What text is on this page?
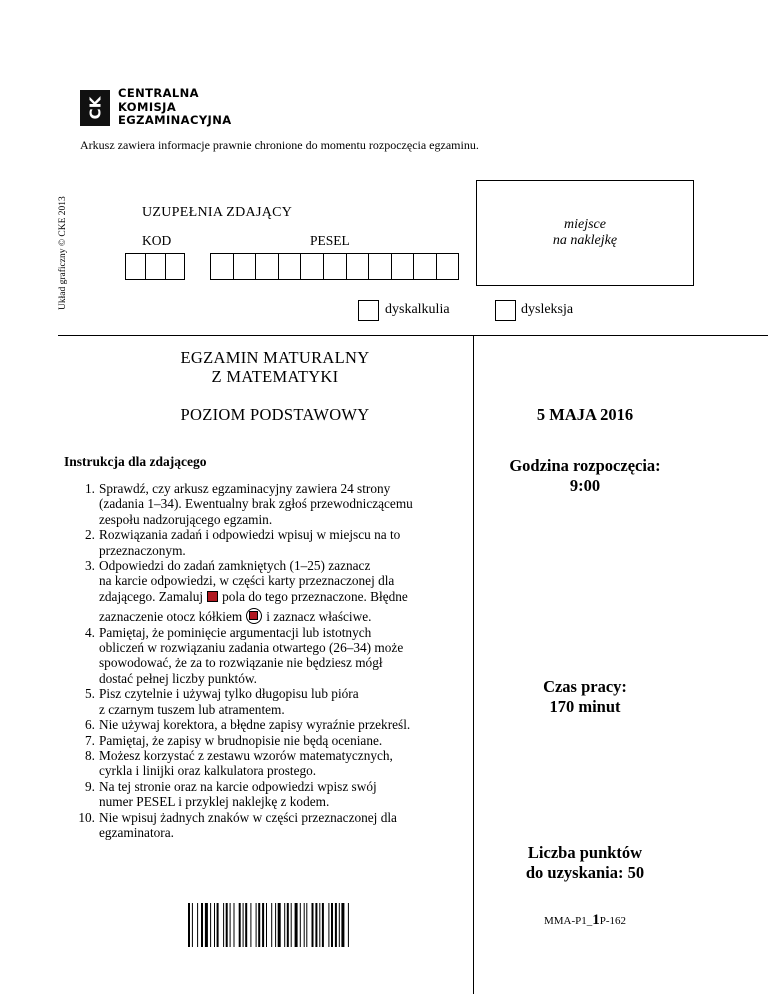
CK
CENTRALNA
KOMISJA
EGZAMINACYJNA
Arkusz zawiera informacje prawnie chronione do momentu rozpoczęcia egzaminu.
Układ graficzny © CKE 2013	UZUPEŁNIA ZDAJĄCY
KOD	PESEL
miejsce
na naklejkę
dyskalkulia	dysleksja
EGZAMIN MATURALNY
Z MATEMATYKI
POZIOM PODSTAWOWY	5 MAJA 2016
Godzina rozpoczęcia:
9:00
Czas pracy:
170 minut
Liczba punktów
do uzyskania: 50
MMA-P1_1P-162
Instrukcja dla zdającego
1. Sprawdź, czy arkusz egzaminacyjny zawiera 24 strony
(zadania 1–34). Ewentualny brak zgłoś przewodniczącemu
zespołu nadzorującego egzamin.
2. Rozwiązania zadań i odpowiedzi wpisuj w miejscu na to
przeznaczonym.
3. Odpowiedzi do zadań zamkniętych (1–25) zaznacz
na karcie odpowiedzi, w części karty przeznaczonej dla
zdającego. Zamaluj pola do tego przeznaczone. Błędne
zaznaczenie otocz kółkiem i zaznacz właściwe.
4. Pamiętaj, że pominięcie argumentacji lub istotnych
obliczeń w rozwiązaniu zadania otwartego (26–34) może
spowodować, że za to rozwiązanie nie będziesz mógł
dostać pełnej liczby punktów.
5. Pisz czytelnie i używaj tylko długopisu lub pióra
z czarnym tuszem lub atramentem.
6. Nie używaj korektora, a błędne zapisy wyraźnie przekreśl.
7. Pamiętaj, że zapisy w brudnopisie nie będą oceniane.
8. Możesz korzystać z zestawu wzorów matematycznych,
cyrkla i linijki oraz kalkulatora prostego.
9. Na tej stronie oraz na karcie odpowiedzi wpisz swój
numer PESEL i przyklej naklejkę z kodem.
10. Nie wpisuj żadnych znaków w części przeznaczonej dla
egzaminatora.
